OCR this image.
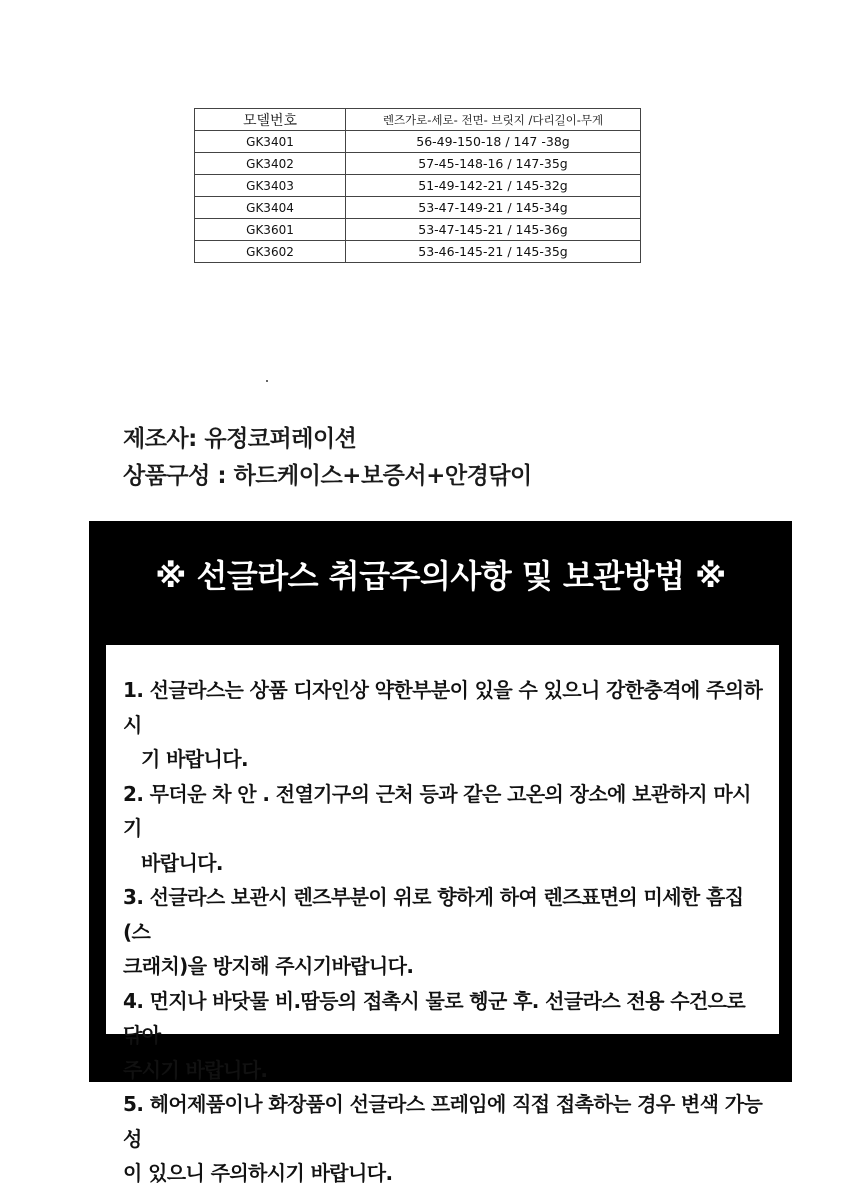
모델번호	렌즈가로-세로- 전면- 브릿지 /다리길이-무게
GK3401	56-49-150-18 / 147 -38g
GK3402	57-45-148-16 / 147-35g
GK3403	51-49-142-21 / 145-32g
GK3404	53-47-149-21 / 145-34g
GK3601	53-47-145-21 / 145-36g
GK3602	53-46-145-21 / 145-35g
제조사: 유정코퍼레이션
상품구성 : 하드케이스+보증서+안경닦이
※ 선글라스 취급주의사항 및 보관방법 ※
1. 선글라스는 상품 디자인상 약한부분이 있을 수 있으니 강한충격에 주의하시
기 바랍니다.
2. 무더운 차 안 . 전열기구의 근처 등과 같은 고온의 장소에 보관하지 마시기
바랍니다.
3. 선글라스 보관시 렌즈부분이 위로 향하게 하여 렌즈표면의 미세한 흠집 (스
크래치)을 방지해 주시기바랍니다.
4. 먼지나 바닷물 비.땀등의 접촉시 물로 헹군 후. 선글라스 전용 수건으로 닦아
주시기 바랍니다.
5. 헤어제품이나 화장품이 선글라스 프레임에 직접 접촉하는 경우 변색 가능성
이 있으니 주의하시기 바랍니다.
